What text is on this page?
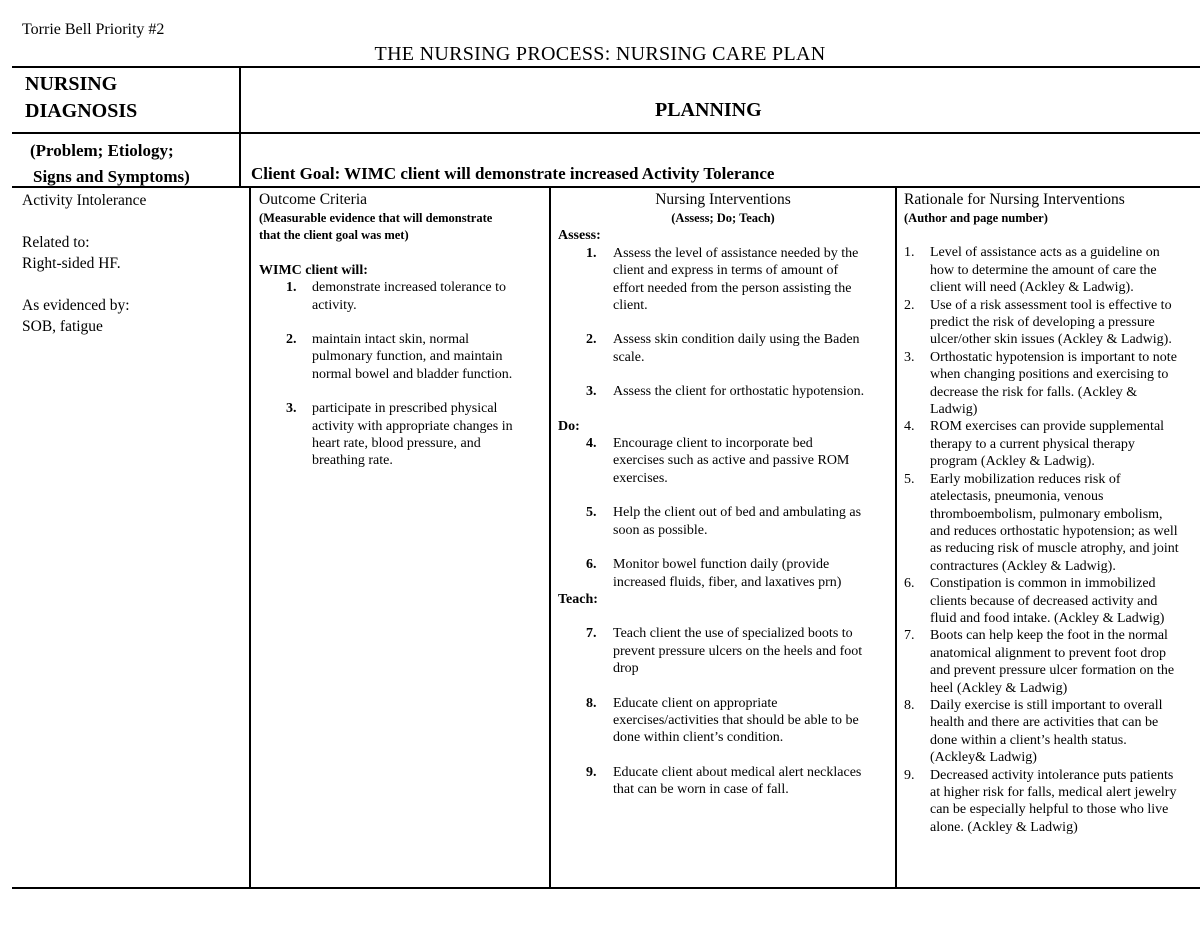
Torrie Bell Priority #2
THE NURSING PROCESS: NURSING CARE PLAN
NURSING
DIAGNOSIS	PLANNING
(Problem; Etiology;
Signs and Symptoms)	Client Goal: WIMC client will demonstrate increased Activity Tolerance
Activity Intolerance
Related to:
Right-sided HF.
As evidenced by:
SOB, fatigue
Outcome Criteria
(Measurable evidence that will demonstrate
that the client goal was met)
WIMC client will:
1. demonstrate increased tolerance to
activity.
2. maintain intact skin, normal
pulmonary function, and maintain
normal bowel and bladder function.
3. participate in prescribed physical
activity with appropriate changes in
heart rate, blood pressure, and
breathing rate.
Nursing Interventions
(Assess; Do; Teach)
Assess:
1. Assess the level of assistance needed by the
client and express in terms of amount of
effort needed from the person assisting the
client.
2. Assess skin condition daily using the Baden
scale.
3. Assess the client for orthostatic hypotension.
Do:
4. Encourage client to incorporate bed
exercises such as active and passive ROM
exercises.
5. Help the client out of bed and ambulating as
soon as possible.
6. Monitor bowel function daily (provide
increased fluids, fiber, and laxatives prn)
Teach:
7. Teach client the use of specialized boots to
prevent pressure ulcers on the heels and foot
drop
8. Educate client on appropriate
exercises/activities that should be able to be
done within client’s condition.
9. Educate client about medical alert necklaces
that can be worn in case of fall.
Rationale for Nursing Interventions
(Author and page number)
1. Level of assistance acts as a guideline on
how to determine the amount of care the
client will need (Ackley & Ladwig).
2. Use of a risk assessment tool is effective to
predict the risk of developing a pressure
ulcer/other skin issues (Ackley & Ladwig).
3. Orthostatic hypotension is important to note
when changing positions and exercising to
decrease the risk for falls. (Ackley &
Ladwig)
4. ROM exercises can provide supplemental
therapy to a current physical therapy
program (Ackley & Ladwig).
5. Early mobilization reduces risk of
atelectasis, pneumonia, venous
thromboembolism, pulmonary embolism,
and reduces orthostatic hypotension; as well
as reducing risk of muscle atrophy, and joint
contractures (Ackley & Ladwig).
6. Constipation is common in immobilized
clients because of decreased activity and
fluid and food intake. (Ackley & Ladwig)
7. Boots can help keep the foot in the normal
anatomical alignment to prevent foot drop
and prevent pressure ulcer formation on the
heel (Ackley & Ladwig)
8. Daily exercise is still important to overall
health and there are activities that can be
done within a client’s health status.
(Ackley& Ladwig)
9. Decreased activity intolerance puts patients
at higher risk for falls, medical alert jewelry
can be especially helpful to those who live
alone. (Ackley & Ladwig)
